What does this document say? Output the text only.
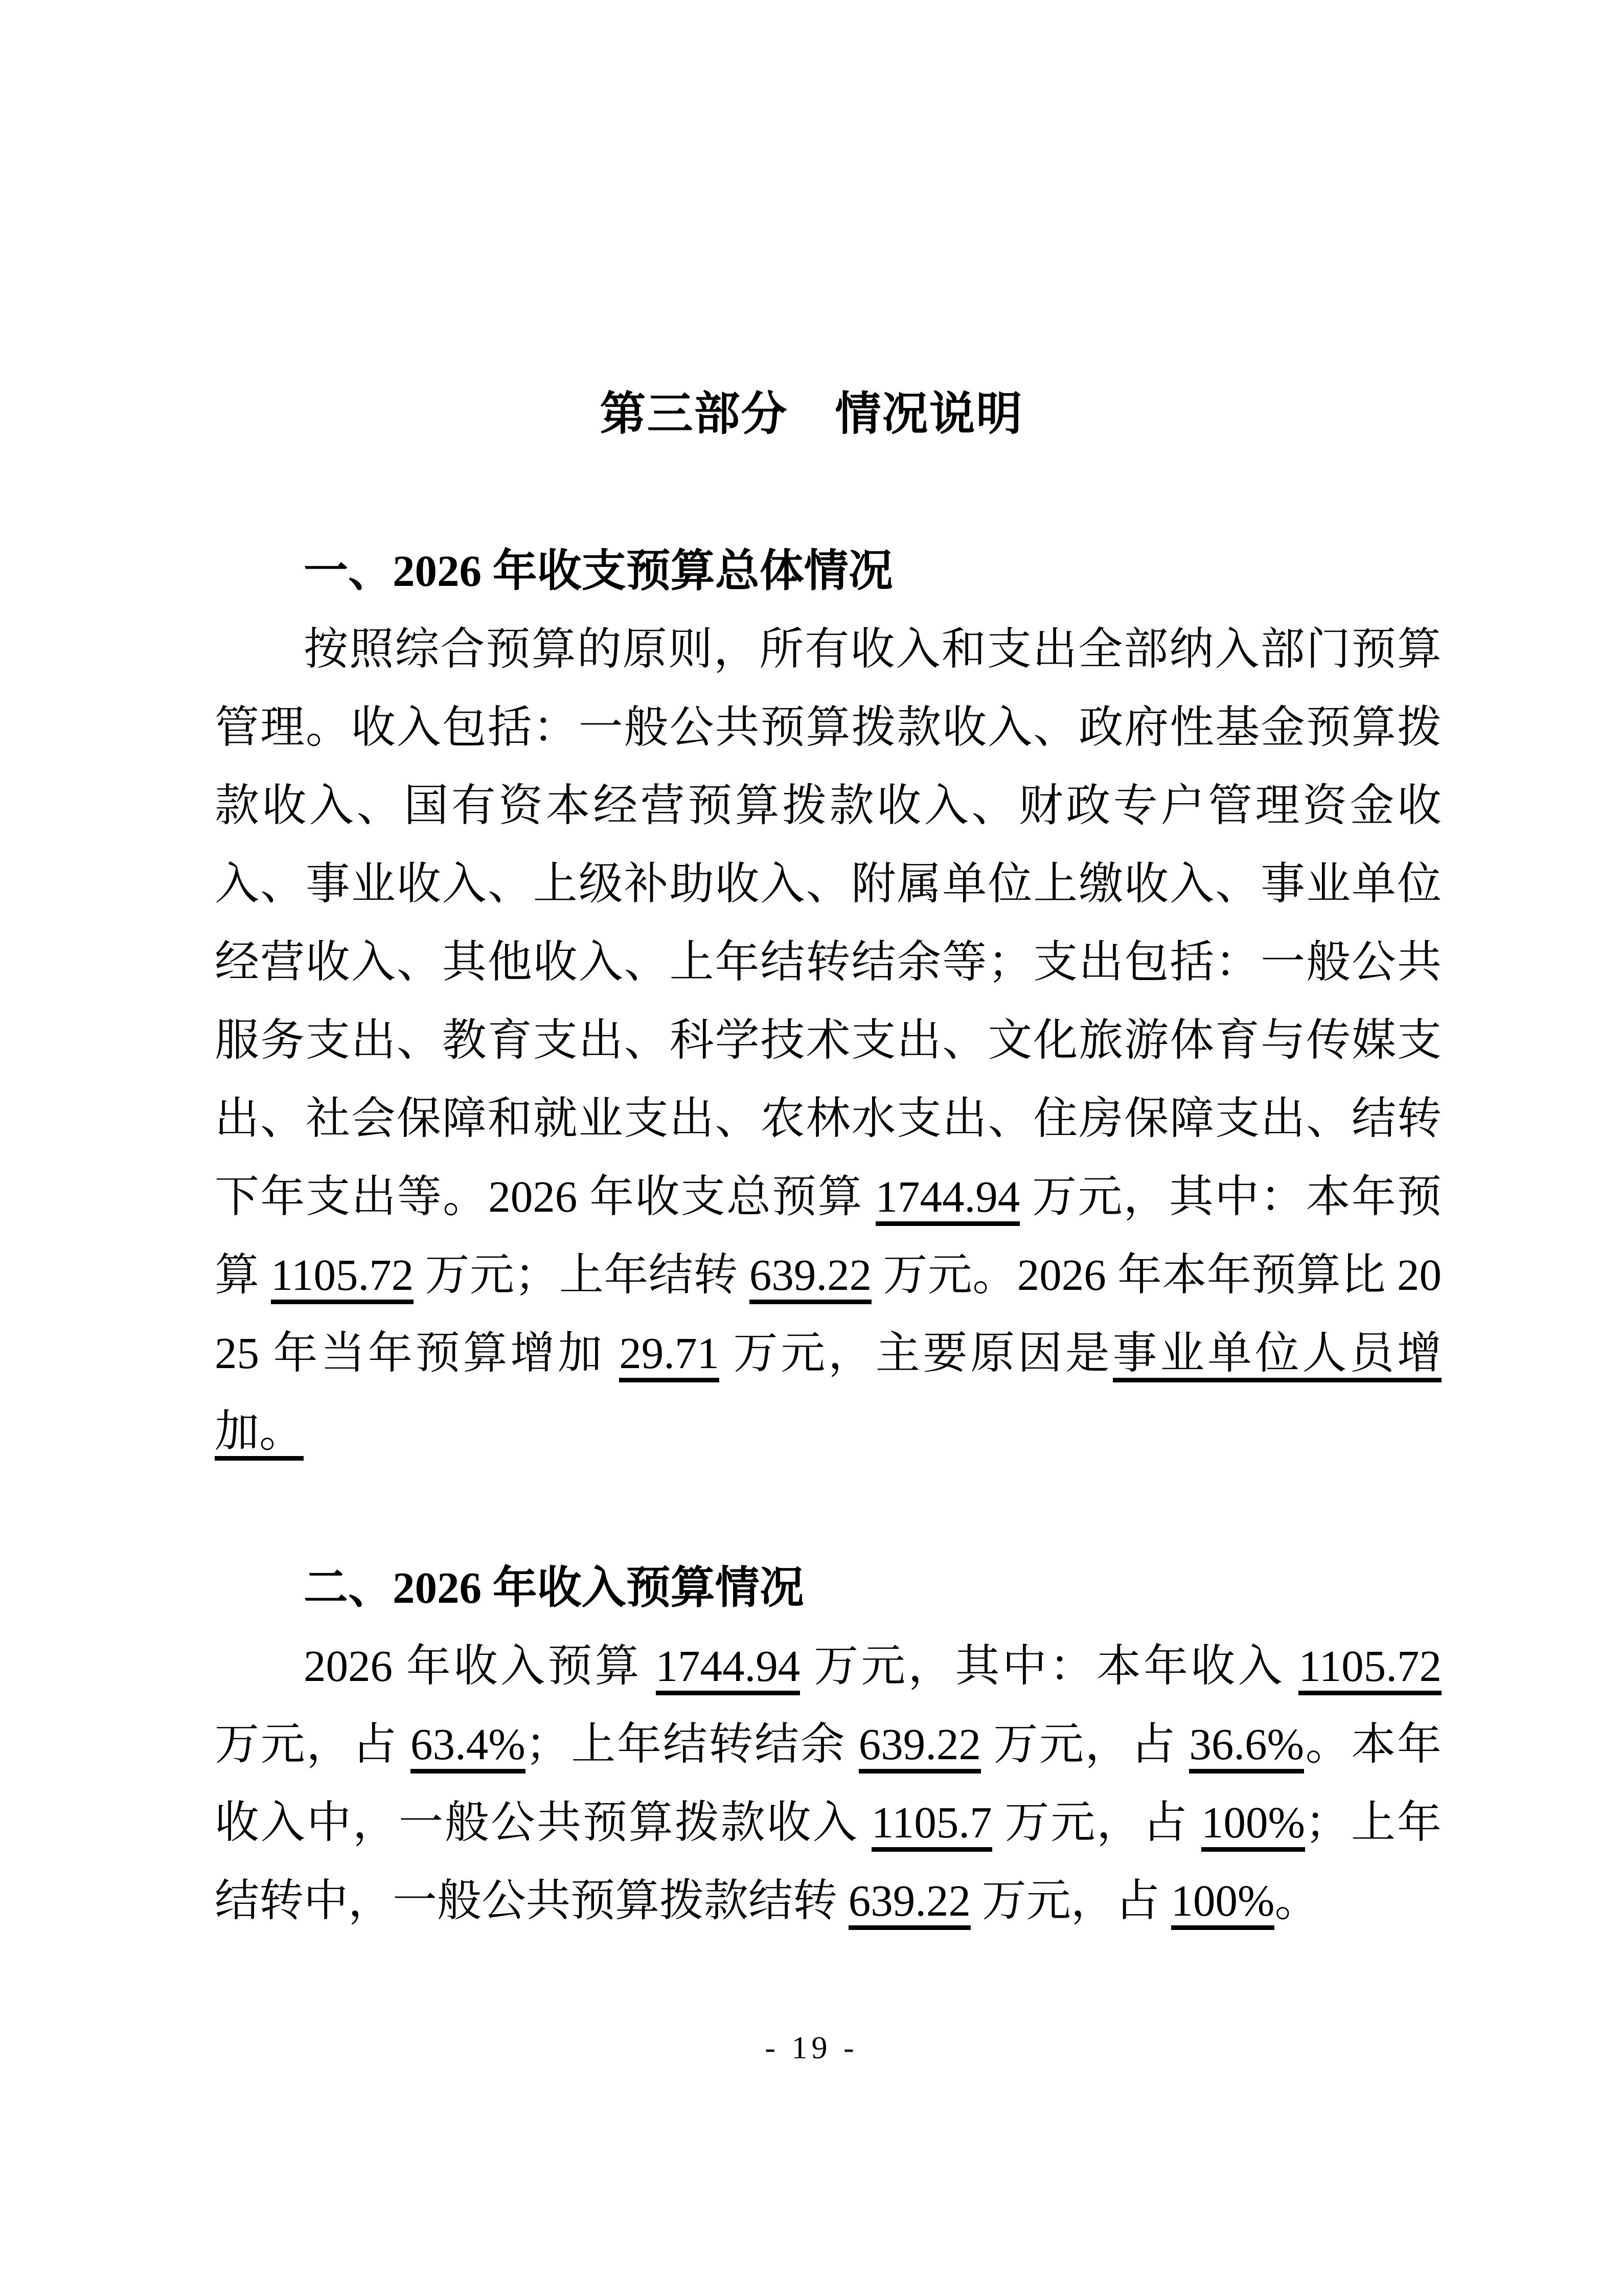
第三部分　情况说明
一、2026 年收支预算总体情况

按照综合预算的原则，所有收入和支出全部纳入部门预算管理。收入包括：一般公共预算拨款收入、政府性基金预算拨款收入、国有资本经营预算拨款收入、财政专户管理资金收入、事业收入、上级补助收入、附属单位上缴收入、事业单位经营收入、其他收入、上年结转结余等；支出包括：一般公共服务支出、教育支出、科学技术支出、文化旅游体育与传媒支出、社会保障和就业支出、农林水支出、住房保障支出、结转下年支出等。2026 年收支总预算 1744.94 万元，其中：本年预算 1105.72 万元；上年结转 639.22 万元。2026 年本年预算比 2025 年当年预算增加 29.71 万元，主要原因是事业单位人员增加。

二、2026 年收入预算情况

2026 年收入预算 1744.94 万元，其中：本年收入 1105.72 万元，占 63.4%；上年结转结余 639.22 万元，占 36.6%。本年收入中，一般公共预算拨款收入 1105.7 万元，占 100%；上年结转中，一般公共预算拨款结转 639.22 万元，占 100%。

- 19 -
